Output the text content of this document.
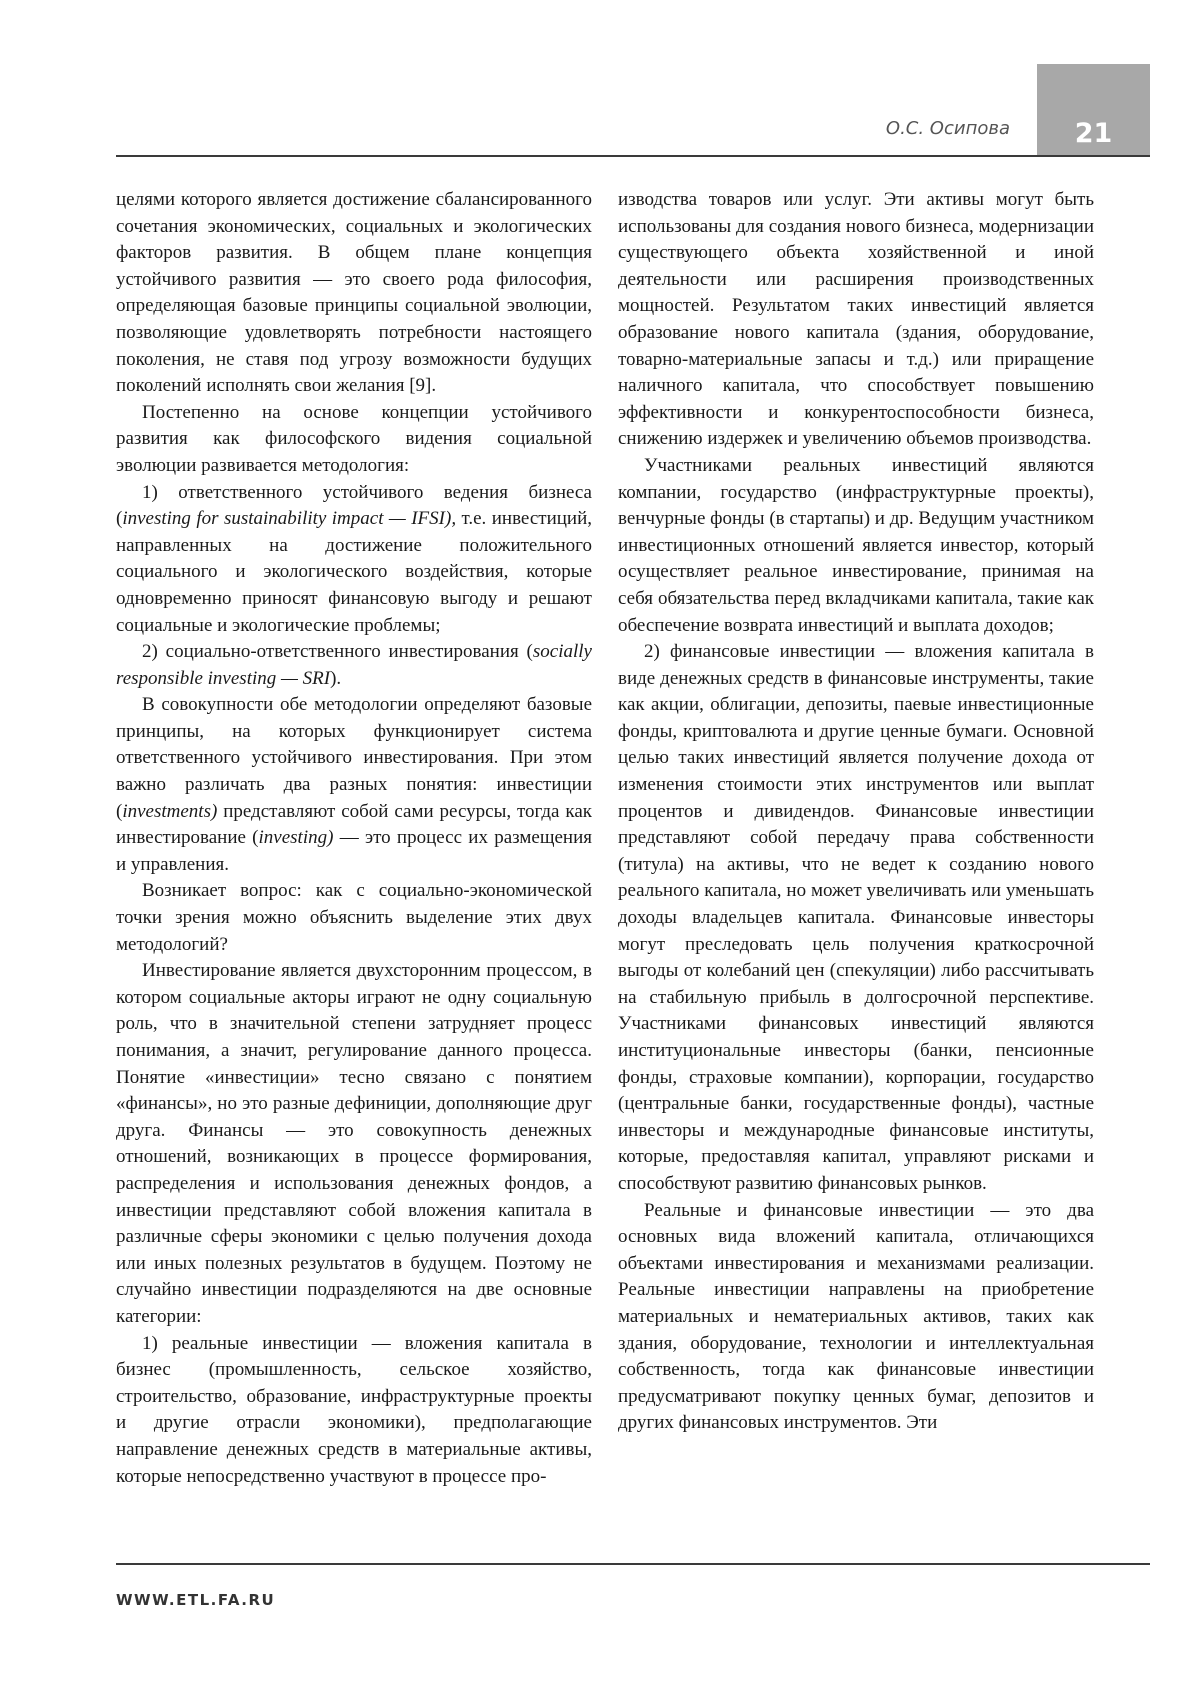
21
О.С. Осипова

целями которого является достижение сбалансированного сочетания экономических, социальных и экологических факторов развития. В общем плане концепция устойчивого развития — это своего рода философия, определяющая базовые принципы социальной эволюции, позволяющие удовлетворять потребности настоящего поколения, не ставя под угрозу возможности будущих поколений исполнять свои желания [9].

Постепенно на основе концепции устойчивого развития как философского видения социальной эволюции развивается методология:

1) ответственного устойчивого ведения бизнеса (investing for sustainability impact — IFSI), т.е. инвестиций, направленных на достижение положительного социального и экологического воздействия, которые одновременно приносят финансовую выгоду и решают социальные и экологические проблемы;

2) социально-ответственного инвестирования (socially responsible investing — SRI).

В совокупности обе методологии определяют базовые принципы, на которых функционирует система ответственного устойчивого инвестирования. При этом важно различать два разных понятия: инвестиции (investments) представляют собой сами ресурсы, тогда как инвестирование (investing) — это процесс их размещения и управления.

Возникает вопрос: как с социально-экономической точки зрения можно объяснить выделение этих двух методологий?

Инвестирование является двухсторонним процессом, в котором социальные акторы играют не одну социальную роль, что в значительной степени затрудняет процесс понимания, а значит, регулирование данного процесса. Понятие «инвестиции» тесно связано с понятием «финансы», но это разные дефиниции, дополняющие друг друга. Финансы — это совокупность денежных отношений, возникающих в процессе формирования, распределения и использования денежных фондов, а инвестиции представляют собой вложения капитала в различные сферы экономики с целью получения дохода или иных полезных результатов в будущем. Поэтому не случайно инвестиции подразделяются на две основные категории:

1) реальные инвестиции — вложения капитала в бизнес (промышленность, сельское хозяйство, строительство, образование, инфраструктурные проекты и другие отрасли экономики), предполагающие направление денежных средств в материальные активы, которые непосредственно участвуют в процессе про-

изводства товаров или услуг. Эти активы могут быть использованы для создания нового бизнеса, модернизации существующего объекта хозяйственной и иной деятельности или расширения производственных мощностей. Результатом таких инвестиций является образование нового капитала (здания, оборудование, товарно-материальные запасы и т.д.) или приращение наличного капитала, что способствует повышению эффективности и конкурентоспособности бизнеса, снижению издержек и увеличению объемов производства.

Участниками реальных инвестиций являются компании, государство (инфраструктурные проекты), венчурные фонды (в стартапы) и др. Ведущим участником инвестиционных отношений является инвестор, который осуществляет реальное инвестирование, принимая на себя обязательства перед вкладчиками капитала, такие как обеспечение возврата инвестиций и выплата доходов;

2) финансовые инвестиции — вложения капитала в виде денежных средств в финансовые инструменты, такие как акции, облигации, депозиты, паевые инвестиционные фонды, криптовалюта и другие ценные бумаги. Основной целью таких инвестиций является получение дохода от изменения стоимости этих инструментов или выплат процентов и дивидендов. Финансовые инвестиции представляют собой передачу права собственности (титула) на активы, что не ведет к созданию нового реального капитала, но может увеличивать или уменьшать доходы владельцев капитала. Финансовые инвесторы могут преследовать цель получения краткосрочной выгоды от колебаний цен (спекуляции) либо рассчитывать на стабильную прибыль в долгосрочной перспективе. Участниками финансовых инвестиций являются институциональные инвесторы (банки, пенсионные фонды, страховые компании), корпорации, государство (центральные банки, государственные фонды), частные инвесторы и международные финансовые институты, которые, предоставляя капитал, управляют рисками и способствуют развитию финансовых рынков.

Реальные и финансовые инвестиции — это два основных вида вложений капитала, отличающихся объектами инвестирования и механизмами реализации. Реальные инвестиции направлены на приобретение материальных и нематериальных активов, таких как здания, оборудование, технологии и интеллектуальная собственность, тогда как финансовые инвестиции предусматривают покупку ценных бумаг, депозитов и других финансовых инструментов. Эти

WWW.ETL.FA.RU
